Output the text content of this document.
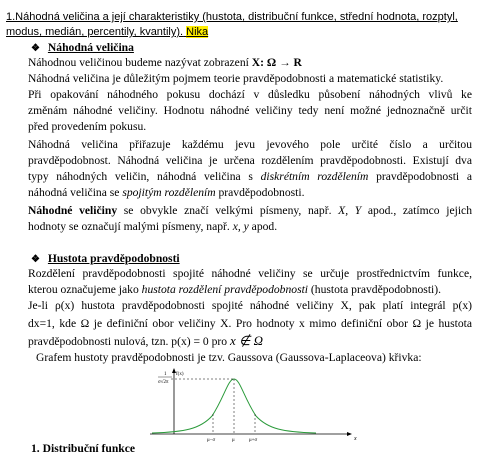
1.Náhodná veličina a její charakteristiky (hustota, distribuční funkce, střední hodnota, rozptyl, modus, medián, percentily, kvantily). Nika
❖ Náhodná veličina
Náhodnou veličinou budeme nazývat zobrazení X: Ω → R
Náhodná veličina je důležitým pojmem teorie pravděpodobnosti a matematické statistiky.
Při opakování náhodného pokusu dochází v důsledku působení náhodných vlivů ke
změnám náhodné veličiny. Hodnotu náhodné veličiny tedy není možné jednoznačně určit
před provedením pokusu.
Náhodná veličina přiřazuje každému jevu jevového pole určité číslo a určitou
pravděpodobnost. Náhodná veličina je určena rozdělením pravděpodobnosti. Existují dva
typy náhodných veličin, náhodná veličina s diskrétním rozdělením pravděpodobnosti a
náhodná veličina se spojitým rozdělením pravděpodobnosti.
Náhodné veličiny se obvykle značí velkými písmeny, např. X, Y apod., zatímco jejich
hodnoty se označují malými písmeny, např. x, y apod.
❖ Hustota pravděpodobnosti
Rozdělení pravděpodobnosti spojité náhodné veličiny se určuje prostřednictvím funkce,
kterou označujeme jako hustota rozdělení pravděpodobnosti (hustota pravděpodobnosti).
Je-li ρ(x) hustota pravděpodobnosti spojité náhodné veličiny X, pak platí integrál p(x)
dx=1, kde Ω je definiční obor veličiny X. Pro hodnoty x mimo definiční obor Ω je hustota
pravděpodobnosti nulová, tzn. p(x) = 0 pro x ∉ Ω
Grafem hustoty pravděpodobnosti je tzv. Gaussova (Gaussova-Laplaceova) křivka:
f(x)
x
1
σ√2π
μ−σ	μ	μ+σ
1. Distribuční funkce
